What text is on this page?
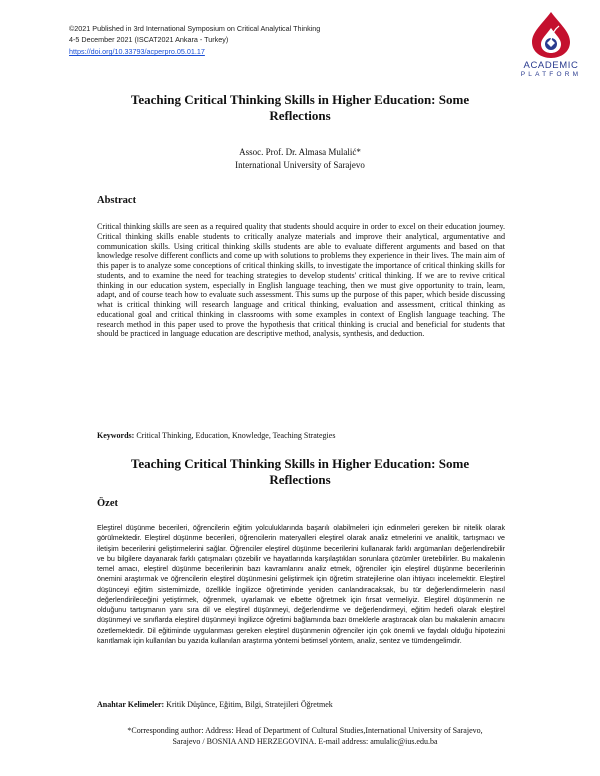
©2021 Published in 3rd International Symposium on Critical Analytical Thinking
4-5 December 2021 (ISCAT2021 Ankara - Turkey)
https://doi.org/10.33793/acperpro.05.01.17
ACADEMIC
PLATFORM
Teaching Critical Thinking Skills in Higher Education: Some Reflections
Assoc. Prof. Dr. Almasa Mulalić*
International University of Sarajevo
Abstract
Critical thinking skills are seen as a required quality that students should acquire in order to excel on their education journey. Critical thinking skills enable students to critically analyze materials and improve their analytical, argumentative and communication skills. Using critical thinking skills students are able to evaluate different arguments and based on that knowledge resolve different conflicts and come up with solutions to problems they experience in their lives. The main aim of this paper is to analyze some conceptions of critical thinking skills, to investigate the importance of critical thinking skills for students, and to examine the need for teaching strategies to develop students' critical thinking. If we are to revive critical thinking in our education system, especially in English language teaching, then we must give opportunity to train, learn, adapt, and of course teach how to evaluate such assessment. This sums up the purpose of this paper, which beside discussing what is critical thinking will research language and critical thinking, evaluation and assessment, critical thinking as educational goal and critical thinking in classrooms with some examples in context of English language teaching. The research method in this paper used to prove the hypothesis that critical thinking is crucial and beneficial for students that should be practiced in language education are descriptive method, analysis, synthesis, and deduction.
Keywords: Critical Thinking, Education, Knowledge, Teaching Strategies
Teaching Critical Thinking Skills in Higher Education: Some Reflections
Özet
Eleştirel düşünme becerileri, öğrencilerin eğitim yolculuklarında başarılı olabilmeleri için edinmeleri gereken bir nitelik olarak görülmektedir. Eleştirel düşünme becerileri, öğrencilerin materyalleri eleştirel olarak analiz etmelerini ve analitik, tartışmacı ve iletişim becerilerini geliştirmelerini sağlar. Öğrenciler eleştirel düşünme becerilerini kullanarak farklı argümanları değerlendirebilir ve bu bilgilere dayanarak farklı çatışmaları çözebilir ve hayatlarında karşılaştıkları sorunlara çözümler üretebilirler. Bu makalenin temel amacı, eleştirel düşünme becerilerinin bazı kavramlarını analiz etmek, öğrenciler için eleştirel düşünme becerilerinin önemini araştırmak ve öğrencilerin eleştirel düşünmesini geliştirmek için öğretim stratejilerine olan ihtiyacı incelemektir. Eleştirel düşünceyi eğitim sistemimizde, özellikle İngilizce öğretiminde yeniden canlandıracaksak, bu tür değerlendirmelerin nasıl değerlendirileceğini yetiştirmek, öğrenmek, uyarlamak ve elbette öğretmek için fırsat vermeliyiz. Eleştirel düşünmenin ne olduğunu tartışmanın yanı sıra dil ve eleştirel düşünmeyi, değerlendirme ve değerlendirmeyi, eğitim hedefi olarak eleştirel düşünmeyi ve sınıflarda eleştirel düşünmeyi İngilizce öğretimi bağlamında bazı örneklerle araştıracak olan bu makalenin amacını özetlemektedir. Dil eğitiminde uygulanması gereken eleştirel düşünmenin öğrenciler için çok önemli ve faydalı olduğu hipotezini kanıtlamak için kullanılan bu yazıda kullanılan araştırma yöntemi betimsel yöntem, analiz, sentez ve tümdengelimdir.
Anahtar Kelimeler: Kritik Düşünce, Eğitim, Bilgi, Stratejileri Öğretmek
*Corresponding author: Address: Head of Department of Cultural Studies,International University of Sarajevo,
Sarajevo / BOSNIA AND HERZEGOVINA. E-mail address: amulalic@ius.edu.ba
